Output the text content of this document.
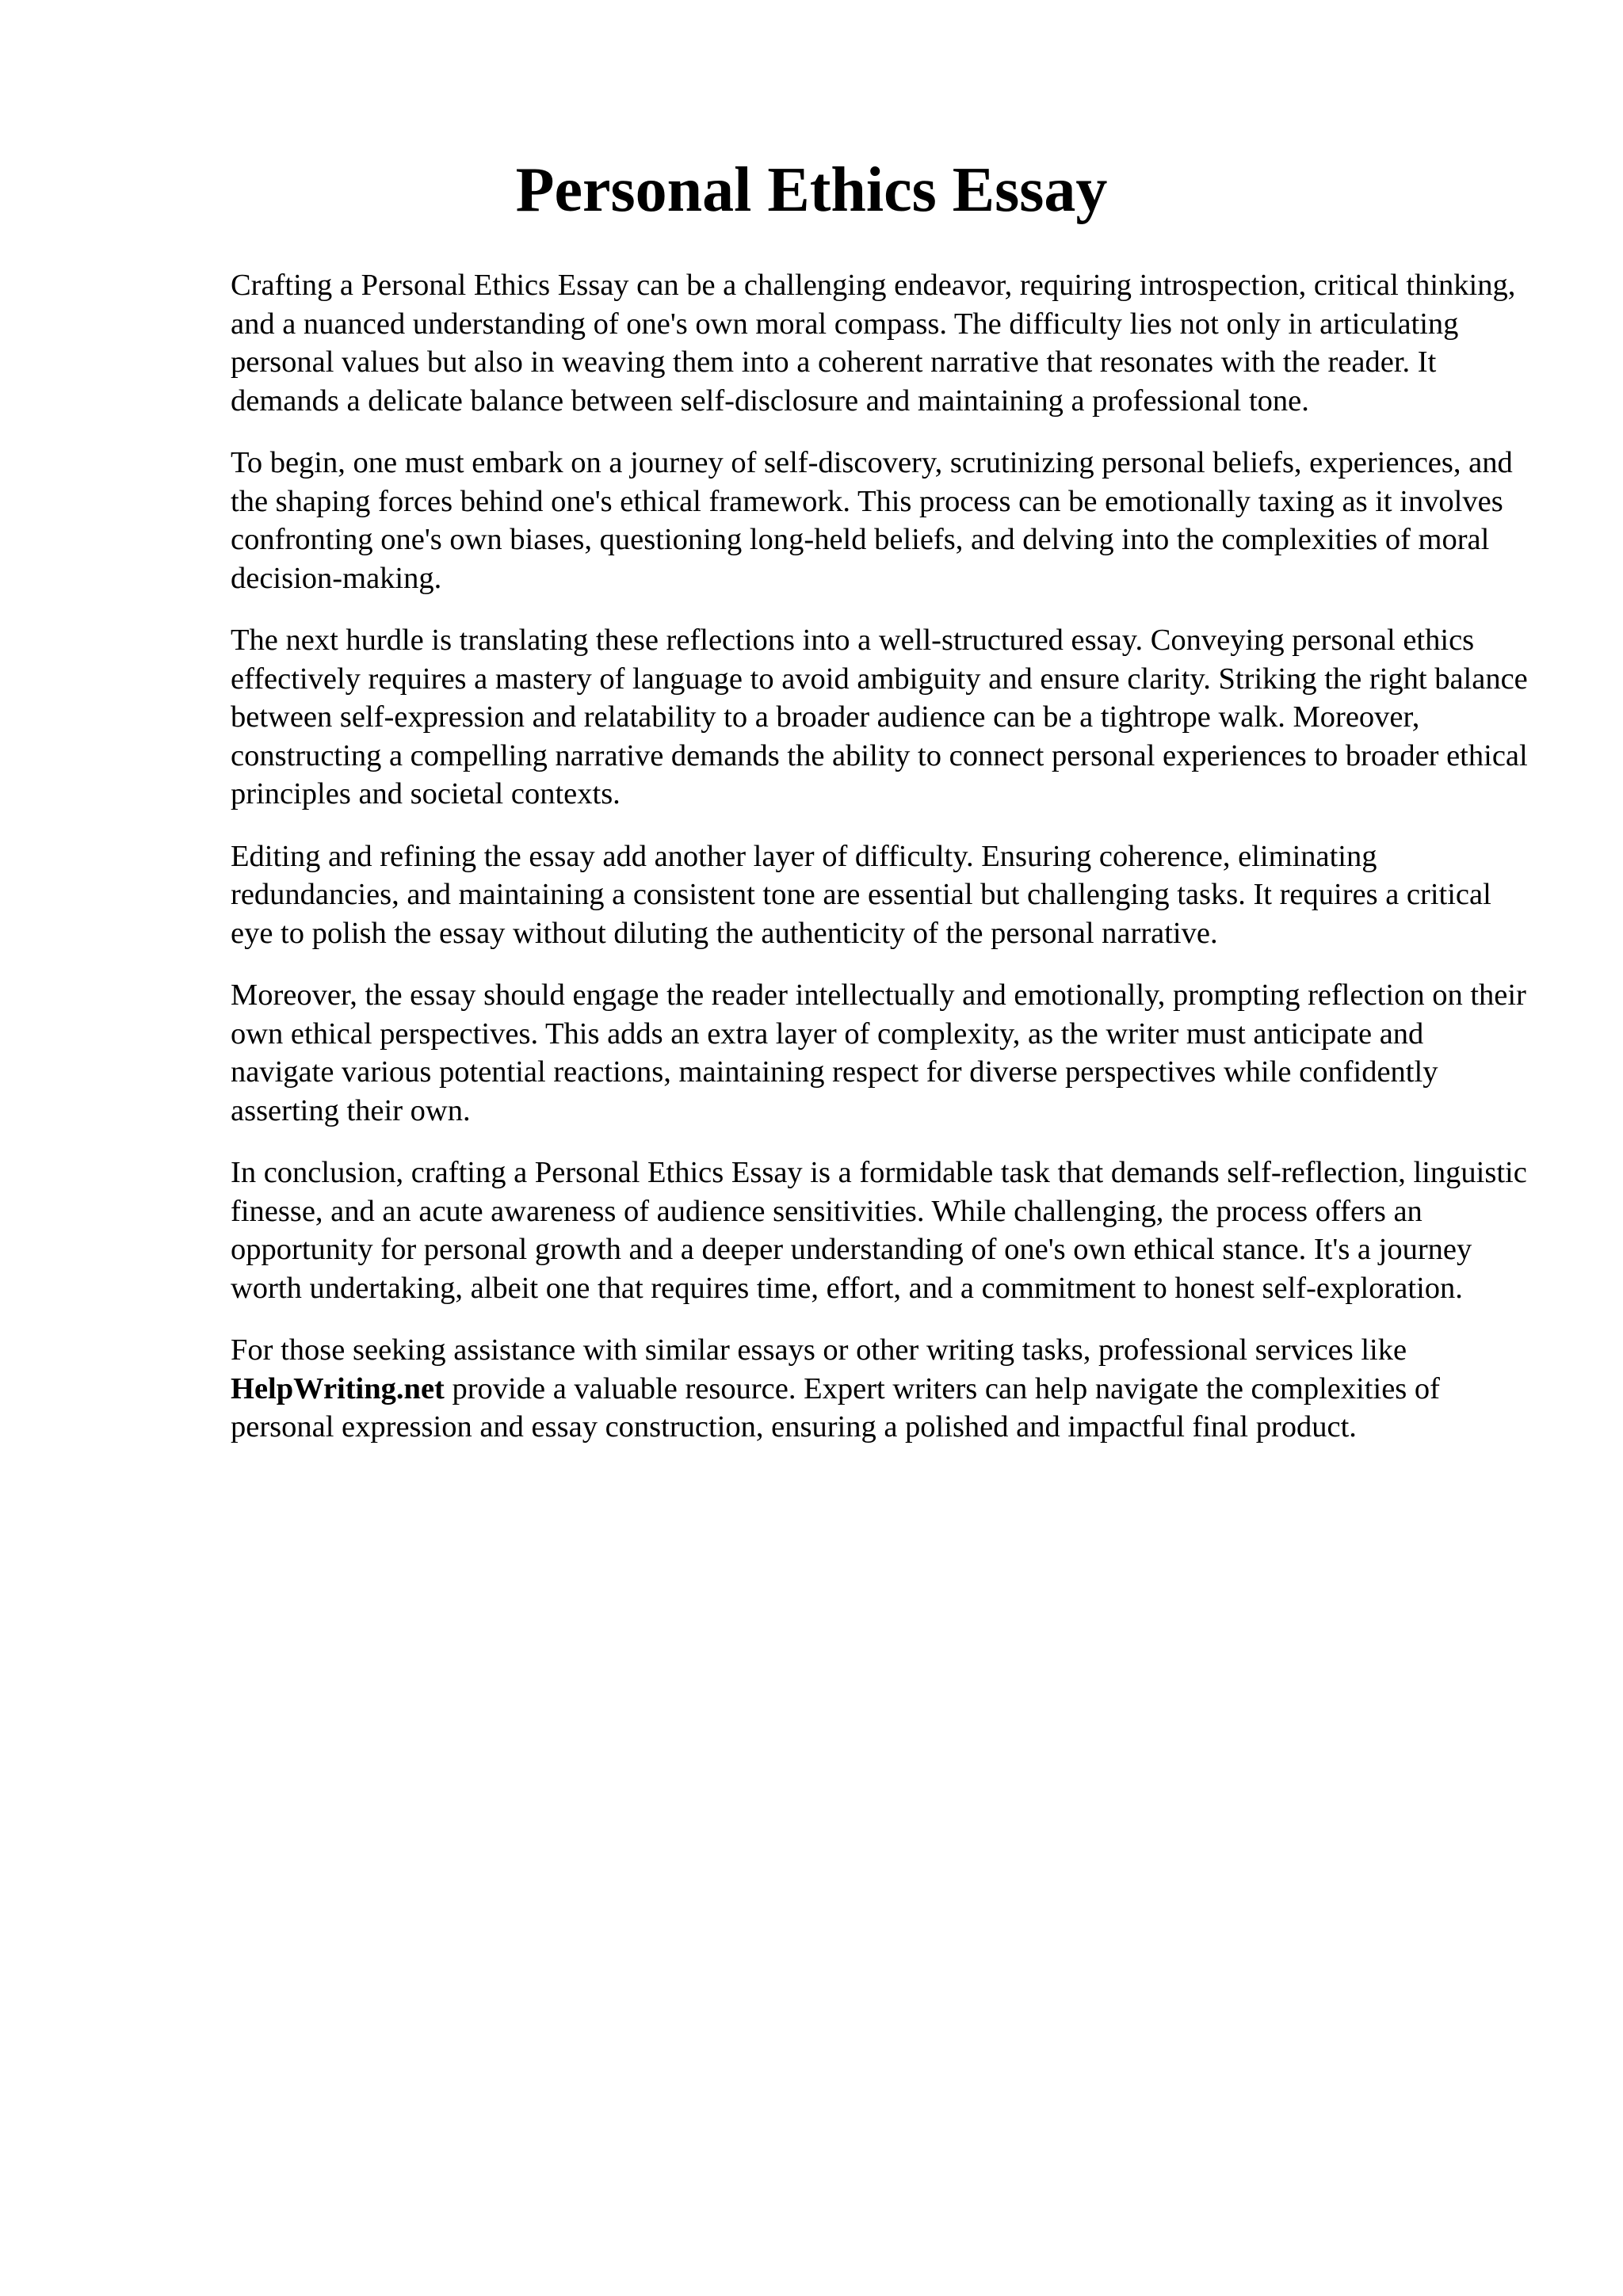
Personal Ethics Essay

Crafting a Personal Ethics Essay can be a challenging endeavor, requiring introspection, critical thinking, and a nuanced understanding of one's own moral compass. The difficulty lies not only in articulating personal values but also in weaving them into a coherent narrative that resonates with the reader. It demands a delicate balance between self-disclosure and maintaining a professional tone.

To begin, one must embark on a journey of self-discovery, scrutinizing personal beliefs, experiences, and the shaping forces behind one's ethical framework. This process can be emotionally taxing as it involves confronting one's own biases, questioning long-held beliefs, and delving into the complexities of moral decision-making.

The next hurdle is translating these reflections into a well-structured essay. Conveying personal ethics effectively requires a mastery of language to avoid ambiguity and ensure clarity. Striking the right balance between self-expression and relatability to a broader audience can be a tightrope walk. Moreover, constructing a compelling narrative demands the ability to connect personal experiences to broader ethical principles and societal contexts.

Editing and refining the essay add another layer of difficulty. Ensuring coherence, eliminating redundancies, and maintaining a consistent tone are essential but challenging tasks. It requires a critical eye to polish the essay without diluting the authenticity of the personal narrative.

Moreover, the essay should engage the reader intellectually and emotionally, prompting reflection on their own ethical perspectives. This adds an extra layer of complexity, as the writer must anticipate and navigate various potential reactions, maintaining respect for diverse perspectives while confidently asserting their own.

In conclusion, crafting a Personal Ethics Essay is a formidable task that demands self-reflection, linguistic finesse, and an acute awareness of audience sensitivities. While challenging, the process offers an opportunity for personal growth and a deeper understanding of one's own ethical stance. It's a journey worth undertaking, albeit one that requires time, effort, and a commitment to honest self-exploration.

For those seeking assistance with similar essays or other writing tasks, professional services like HelpWriting.net provide a valuable resource. Expert writers can help navigate the complexities of personal expression and essay construction, ensuring a polished and impactful final product.
